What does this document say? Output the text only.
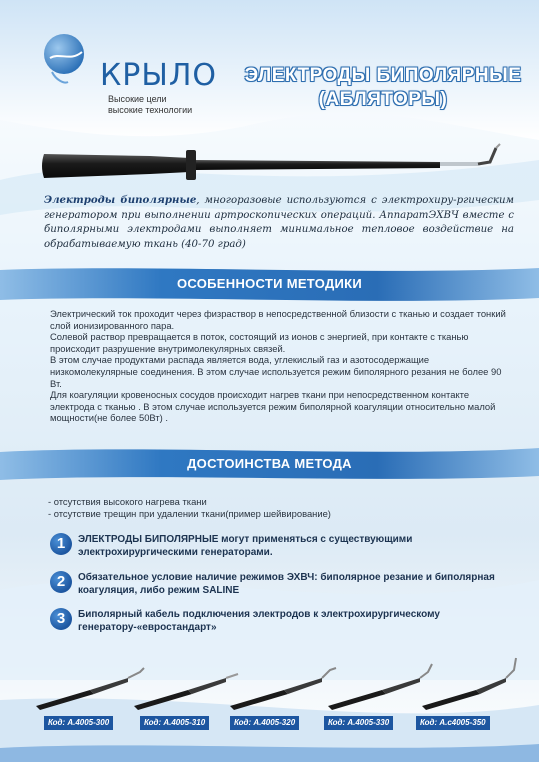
КРЫЛО
Высокие цели
высокие технологии
ЭЛЕКТРОДЫ БИПОЛЯРНЫЕ
(АБЛЯТОРЫ)
Электроды биполярные, многоразовые используются с электрохиру-ргическим генератором при выполнении артроскопических операций. АппаратЭХВЧ вместе с биполярными электродами выполняет минимальное тепловое воздействие на обрабатываемую ткань (40-70 град)
ОСОБЕННОСТИ МЕТОДИКИ
Электрический ток проходит через физраствор в непосредственной близости с тканью и создает тонкий слой ионизированного пара.
Солевой раствор превращается в поток, состоящий из ионов с энергией, при контакте с тканью происходит разрушение внутримолекулярных связей.
В этом случае продуктами распада является вода, углекислый газ и азотосодержащие низкомолекулярные соединения. В этом случае используется режим биполярного резания не более 90 Вт.
Для коагуляции кровеносных сосудов происходит нагрев ткани при непосредственном контакте электрода с тканью . В этом случае используется режим биполярной коагуляции относительно малой мощности(не более 50Вт) .
ДОСТОИНСТВА МЕТОДА
- отсутствия высокого нагрева ткани
- отсутствие трещин при удалении ткани(пример шейвирование)
1	ЭЛЕКТРОДЫ БИПОЛЯРНЫЕ могут применяться с существующими электрохирургическими генераторами.
2	Обязательное условие наличие режимов ЭХВЧ: биполярное резание и биполярная коагуляция, либо режим SALINE
3	Биполярный кабель подключения электродов к электрохирургическому генератору-«евростандарт»
Код: А.4005-300	Код: А.4005-310	Код: А.4005-320	Код: А.4005-330	Код: А.с4005-350
